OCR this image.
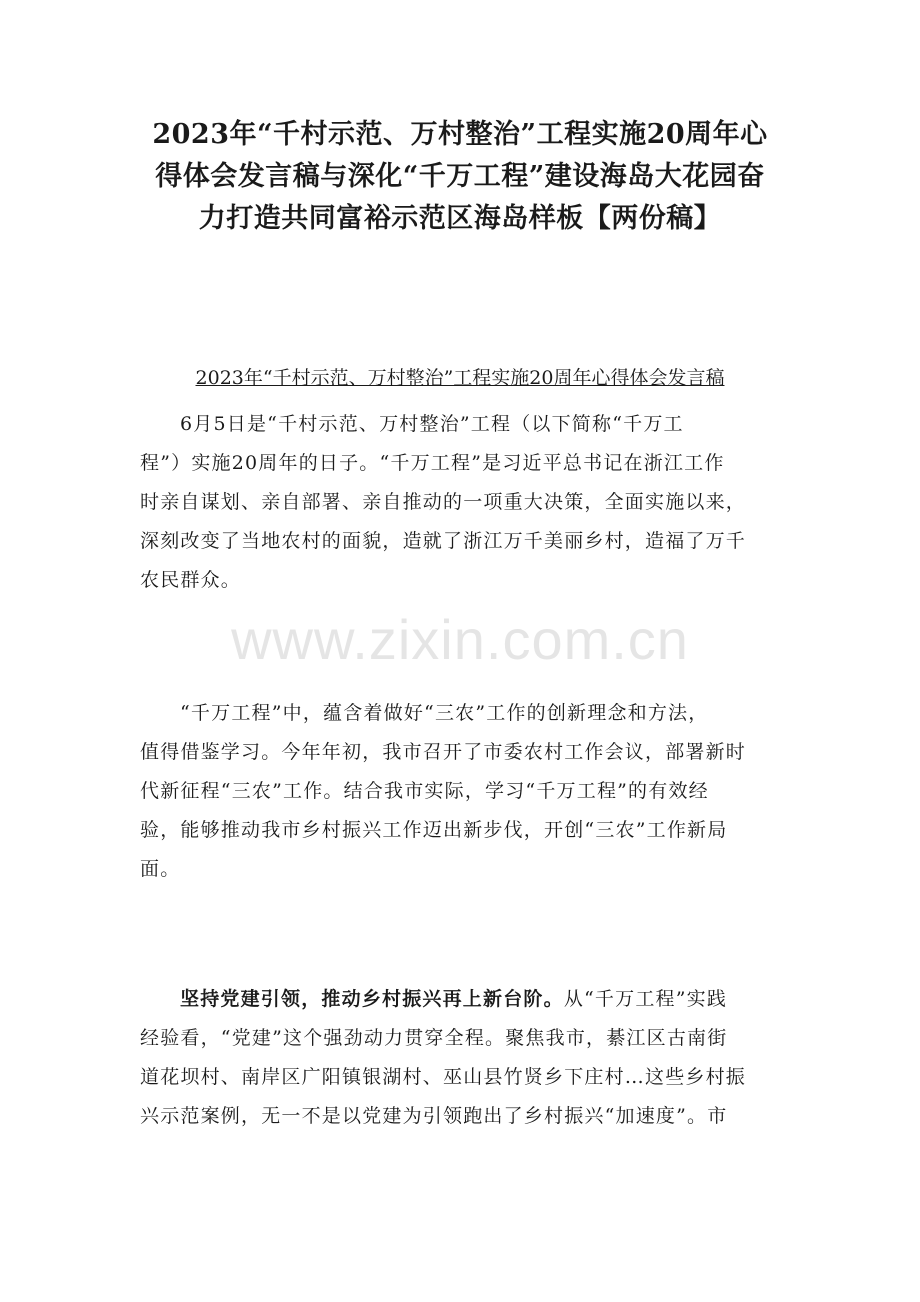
2023年“千村示范、万村整治”工程实施20周年心
得体会发言稿与深化“千万工程”建设海岛大花园奋
力打造共同富裕示范区海岛样板【两份稿】
2023年“千村示范、万村整治”工程实施20周年心得体会发言稿
6月5日是“千村示范、万村整治”工程（以下简称“千万工
程”）实施20周年的日子。“千万工程”是习近平总书记在浙江工作
时亲自谋划、亲自部署、亲自推动的一项重大决策，全面实施以来，
深刻改变了当地农村的面貌，造就了浙江万千美丽乡村，造福了万千
农民群众。
“千万工程”中，蕴含着做好“三农”工作的创新理念和方法，
值得借鉴学习。今年年初，我市召开了市委农村工作会议，部署新时
代新征程“三农”工作。结合我市实际，学习“千万工程”的有效经
验，能够推动我市乡村振兴工作迈出新步伐，开创“三农”工作新局
面。
坚持党建引领，推动乡村振兴再上新台阶。从“千万工程”实践
经验看，“党建”这个强劲动力贯穿全程。聚焦我市，綦江区古南街
道花坝村、南岸区广阳镇银湖村、巫山县竹贤乡下庄村…这些乡村振
兴示范案例，无一不是以党建为引领跑出了乡村振兴“加速度”。市
www.zixin.com.cn
